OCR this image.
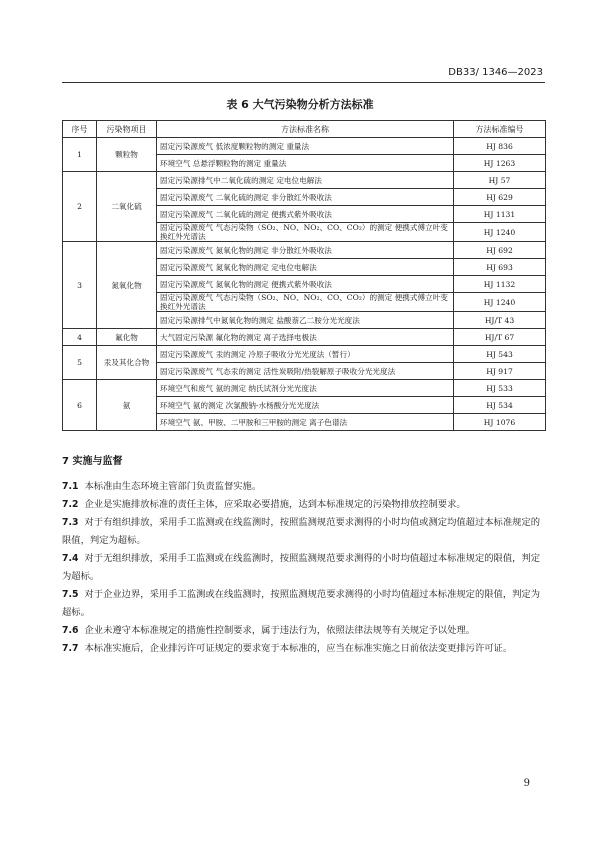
DB33/ 1346—2023
表 6 大气污染物分析方法标准
序号	污染物项目	方法标准名称	方法标准编号
1	颗粒物	固定污染源废气 低浓度颗粒物的测定 重量法	HJ 836
		环境空气 总悬浮颗粒物的测定 重量法	HJ 1263
2	二氧化硫	固定污染源排气中二氧化硫的测定 定电位电解法	HJ 57
		固定污染源废气 二氧化硫的测定 非分散红外吸收法	HJ 629
		固定污染源废气 二氧化硫的测定 便携式紫外吸收法	HJ 1131
		固定污染源废气 气态污染物（SO₂、NO、NO₂、CO、CO₂）的测定 便携式傅立叶变换红外光谱法	HJ 1240
3	氮氧化物	固定污染源废气 氮氧化物的测定 非分散红外吸收法	HJ 692
		固定污染源废气 氮氧化物的测定 定电位电解法	HJ 693
		固定污染源废气 氮氧化物的测定 便携式紫外吸收法	HJ 1132
		固定污染源废气 气态污染物（SO₂、NO、NO₂、CO、CO₂）的测定 便携式傅立叶变换红外光谱法	HJ 1240
		固定污染源排气中氮氧化物的测定 盐酸萘乙二胺分光光度法	HJ/T 43
4	氟化物	大气固定污染源 氟化物的测定 离子选择电极法	HJ/T 67
5	汞及其化合物	固定污染源废气 汞的测定 冷原子吸收分光光度法（暂行）	HJ 543
		固定污染源废气 气态汞的测定 活性炭吸附/热裂解原子吸收分光光度法	HJ 917
6	氨	环境空气和废气 氨的测定 纳氏试剂分光光度法	HJ 533
		环境空气 氨的测定 次氯酸钠-水杨酸分光光度法	HJ 534
		环境空气 氨、甲胺、二甲胺和三甲胺的测定 离子色谱法	HJ 1076
7 实施与监督

7.1 本标准由生态环境主管部门负责监督实施。

7.2 企业是实施排放标准的责任主体，应采取必要措施，达到本标准规定的污染物排放控制要求。

7.3 对于有组织排放，采用手工监测或在线监测时，按照监测规范要求测得的小时均值或测定均值超过本标准规定的限值，判定为超标。

7.4 对于无组织排放，采用手工监测或在线监测时，按照监测规范要求测得的小时均值超过本标准规定的限值，判定为超标。

7.5 对于企业边界，采用手工监测或在线监测时，按照监测规范要求测得的小时均值超过本标准规定的限值，判定为超标。

7.6 企业未遵守本标准规定的措施性控制要求，属于违法行为，依照法律法规等有关规定予以处理。

7.7 本标准实施后，企业排污许可证规定的要求宽于本标准的，应当在标准实施之日前依法变更排污许可证。

9
